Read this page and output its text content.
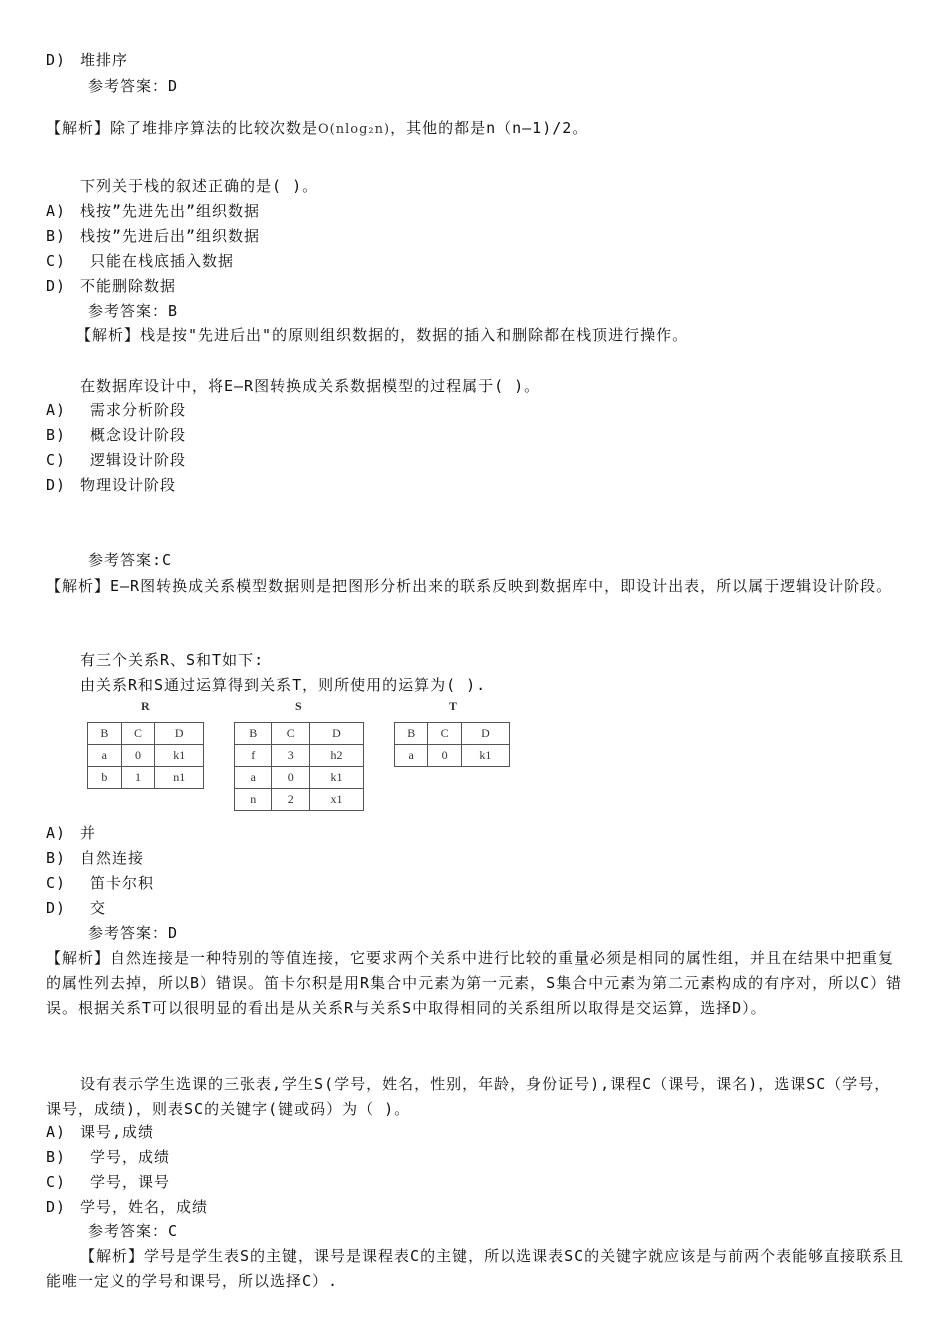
D) 堆排序
参考答案：D
【解析】除了堆排序算法的比较次数是O(nlog₂n)，其他的都是n（n—1)/2。
下列关于栈的叙述正确的是( )。
A) 栈按”先进先出”组织数据
B) 栈按”先进后出”组织数据
C) 只能在栈底插入数据
D) 不能删除数据
参考答案：B
【解析】栈是按"先进后出"的原则组织数据的，数据的插入和删除都在栈顶进行操作。
在数据库设计中，将E—R图转换成关系数据模型的过程属于( )。
A) 需求分析阶段
B) 概念设计阶段
C) 逻辑设计阶段
D) 物理设计阶段
参考答案:C
【解析】E—R图转换成关系模型数据则是把图形分析出来的联系反映到数据库中，即设计出表，所以属于逻辑设计阶段。
有三个关系R、S和T如下:
由关系R和S通过运算得到关系T，则所使用的运算为( ).
R
B	C	D
a	0	k1
b	1	n1
S
B	C	D
f	3	h2
a	0	k1
n	2	x1
T
B	C	D
a	0	k1
A) 并
B) 自然连接
C) 笛卡尔积
D) 交
参考答案：D
【解析】自然连接是一种特别的等值连接，它要求两个关系中进行比较的重量必须是相同的属性组，并且在结果中把重复的属性列去掉，所以B）错误。笛卡尔积是用R集合中元素为第一元素，S集合中元素为第二元素构成的有序对，所以C）错误。根据关系T可以很明显的看出是从关系R与关系S中取得相同的关系组所以取得是交运算，选择D）。
设有表示学生选课的三张表,学生S(学号，姓名，性别，年龄，身份证号),课程C（课号，课名)，选课SC（学号，课号，成绩)，则表SC的关键字(键或码）为（ )。
A) 课号,成绩
B) 学号，成绩
C) 学号，课号
D) 学号，姓名，成绩
参考答案：C
【解析】学号是学生表S的主键，课号是课程表C的主键，所以选课表SC的关键字就应该是与前两个表能够直接联系且能唯一定义的学号和课号，所以选择C）.
